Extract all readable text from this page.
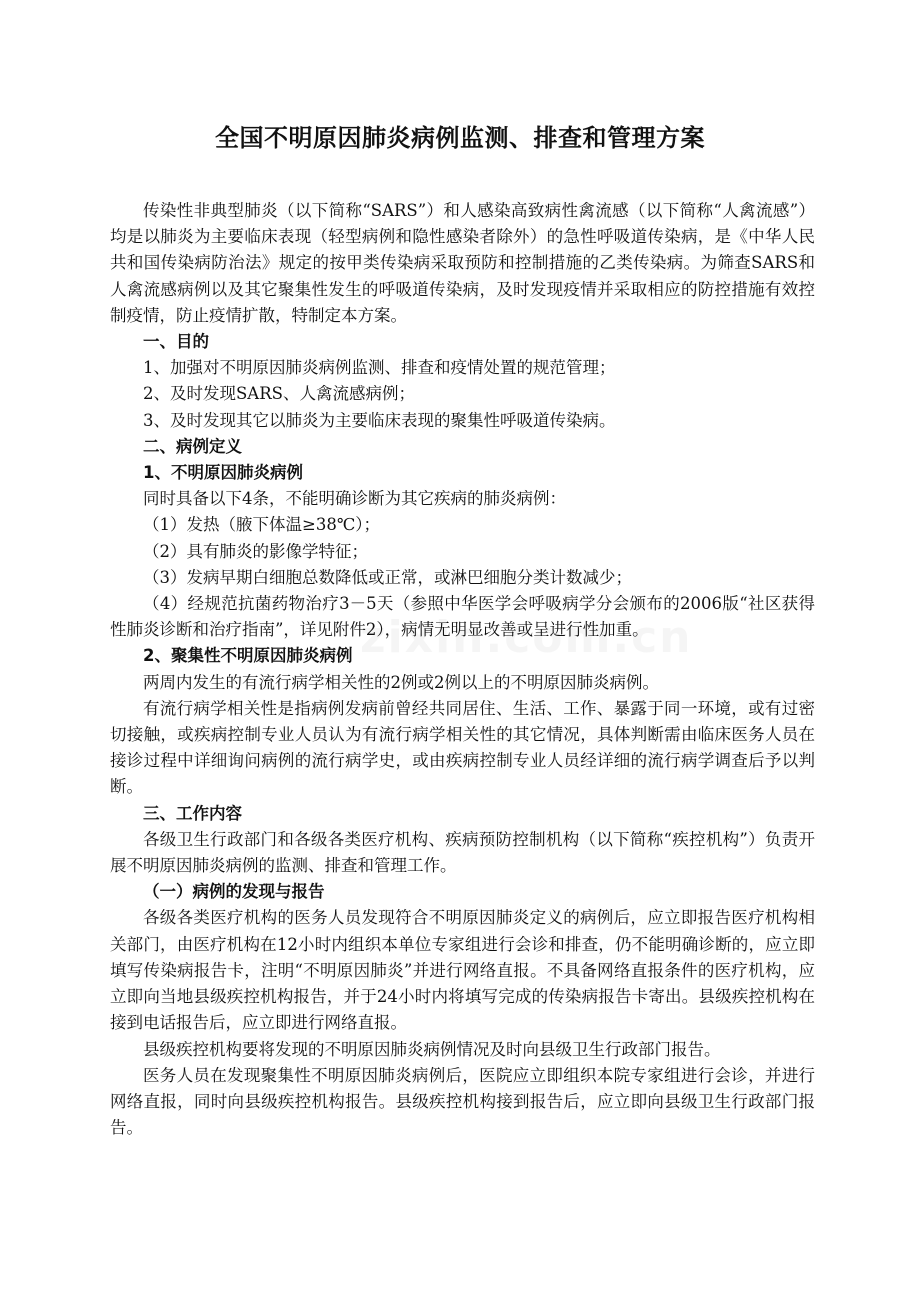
全国不明原因肺炎病例监测、排查和管理方案

传染性非典型肺炎（以下简称“SARS”）和人感染高致病性禽流感（以下简称“人禽流感”）均是以肺炎为主要临床表现（轻型病例和隐性感染者除外）的急性呼吸道传染病，是《中华人民共和国传染病防治法》规定的按甲类传染病采取预防和控制措施的乙类传染病。为筛查SARS和人禽流感病例以及其它聚集性发生的呼吸道传染病，及时发现疫情并采取相应的防控措施有效控制疫情，防止疫情扩散，特制定本方案。

一、目的

1、加强对不明原因肺炎病例监测、排查和疫情处置的规范管理；

2、及时发现SARS、人禽流感病例；

3、及时发现其它以肺炎为主要临床表现的聚集性呼吸道传染病。

二、病例定义

1、不明原因肺炎病例

同时具备以下4条，不能明确诊断为其它疾病的肺炎病例：

（1）发热（腋下体温≥38℃）；

（2）具有肺炎的影像学特征；

（3）发病早期白细胞总数降低或正常，或淋巴细胞分类计数减少；

（4）经规范抗菌药物治疗3－5天（参照中华医学会呼吸病学分会颁布的2006版“社区获得性肺炎诊断和治疗指南”，详见附件2），病情无明显改善或呈进行性加重。

2、聚集性不明原因肺炎病例

两周内发生的有流行病学相关性的2例或2例以上的不明原因肺炎病例。

有流行病学相关性是指病例发病前曾经共同居住、生活、工作、暴露于同一环境，或有过密切接触，或疾病控制专业人员认为有流行病学相关性的其它情况，具体判断需由临床医务人员在接诊过程中详细询问病例的流行病学史，或由疾病控制专业人员经详细的流行病学调查后予以判断。

三、工作内容

各级卫生行政部门和各级各类医疗机构、疾病预防控制机构（以下简称“疾控机构”）负责开展不明原因肺炎病例的监测、排查和管理工作。

（一）病例的发现与报告

各级各类医疗机构的医务人员发现符合不明原因肺炎定义的病例后，应立即报告医疗机构相关部门，由医疗机构在12小时内组织本单位专家组进行会诊和排查，仍不能明确诊断的，应立即填写传染病报告卡，注明“不明原因肺炎”并进行网络直报。不具备网络直报条件的医疗机构，应立即向当地县级疾控机构报告，并于24小时内将填写完成的传染病报告卡寄出。县级疾控机构在接到电话报告后，应立即进行网络直报。

县级疾控机构要将发现的不明原因肺炎病例情况及时向县级卫生行政部门报告。

医务人员在发现聚集性不明原因肺炎病例后，医院应立即组织本院专家组进行会诊，并进行网络直报，同时向县级疾控机构报告。县级疾控机构接到报告后，应立即向县级卫生行政部门报告。
